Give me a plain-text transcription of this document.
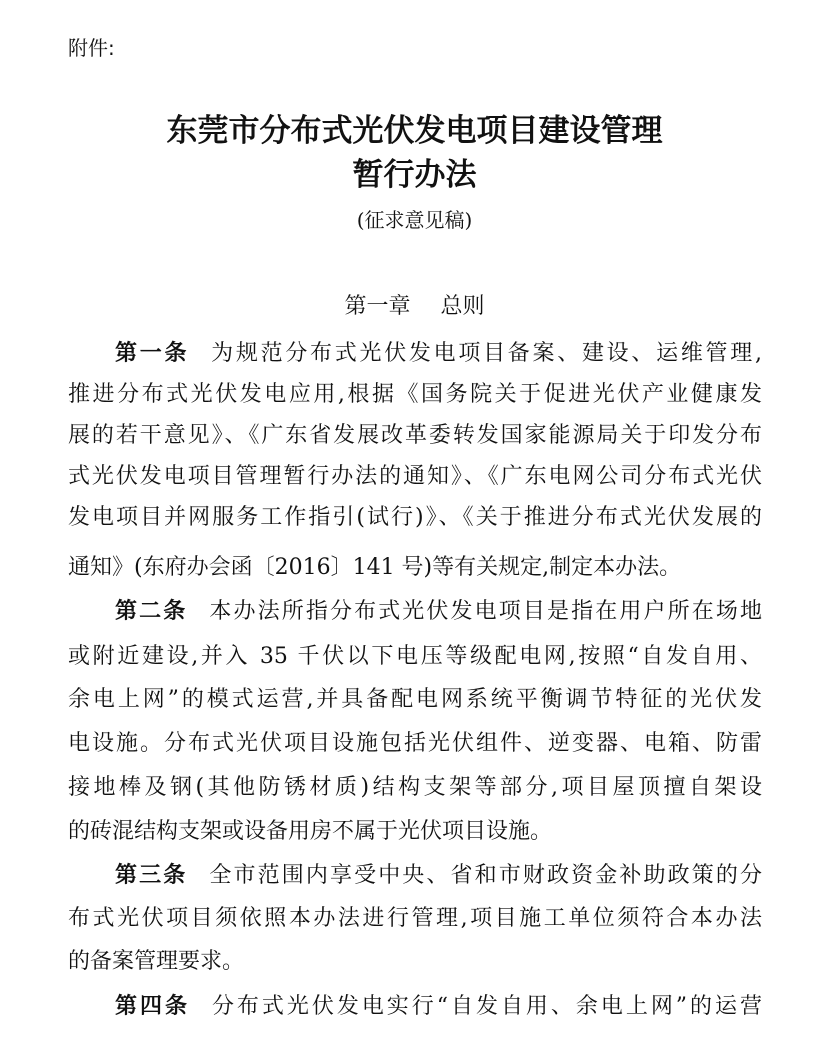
附件:
东莞市分布式光伏发电项目建设管理
暂行办法
(征求意见稿)
第一章 总则
第一条 为规范分布式光伏发电项目备案、建设、运维管理,
推进分布式光伏发电应用,根据《国务院关于促进光伏产业健康发
展的若干意见》、《广东省发展改革委转发国家能源局关于印发分布
式光伏发电项目管理暂行办法的通知》、《广东电网公司分布式光伏
发电项目并网服务工作指引(试行)》、《关于推进分布式光伏发展的
通知》(东府办会函〔2016〕141 号)等有关规定,制定本办法。
第二条 本办法所指分布式光伏发电项目是指在用户所在场地
或附近建设,并入 35 千伏以下电压等级配电网,按照“自发自用、
余电上网”的模式运营,并具备配电网系统平衡调节特征的光伏发
电设施。分布式光伏项目设施包括光伏组件、逆变器、电箱、防雷
接地棒及钢(其他防锈材质)结构支架等部分,项目屋顶擅自架设
的砖混结构支架或设备用房不属于光伏项目设施。
第三条 全市范围内享受中央、省和市财政资金补助政策的分
布式光伏项目须依照本办法进行管理,项目施工单位须符合本办法
的备案管理要求。
第四条 分布式光伏发电实行“自发自用、余电上网”的运营
